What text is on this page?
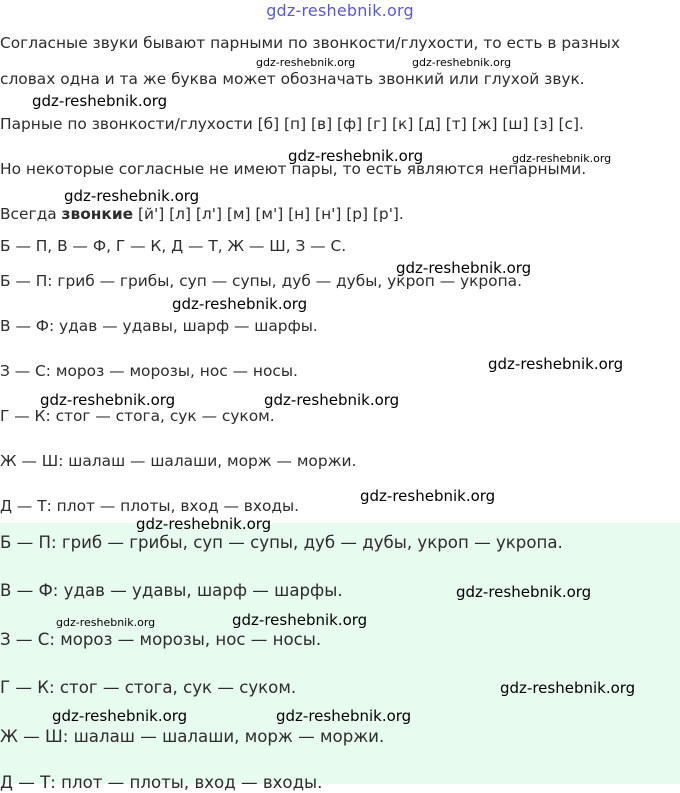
gdz-reshebnik.org

Согласные звуки бывают парными по звонкости/глухости, то есть в разных

словах одна и та же буква может обозначать звонкий или глухой звук.

Парные по звонкости/глухости [б] [п] [в] [ф] [г] [к] [д] [т] [ж] [ш] [з] [с].

Но некоторые согласные не имеют пары, то есть являются непарными.

Всегда звонкие [й'] [л] [л'] [м] [м'] [н] [н'] [р] [р'].

Б — П, В — Ф, Г — К, Д — Т, Ж — Ш, З — С.

Б — П: гриб — грибы, суп — супы, дуб — дубы, укроп — укропа.

В — Ф: удав — удавы, шарф — шарфы.

З — С: мороз — морозы, нос — носы.

Г — К: стог — стога, сук — суком.

Ж — Ш: шалаш — шалаши, морж — моржи.

Д — Т: плот — плоты, вход — входы.

Б — П: гриб — грибы, суп — супы, дуб — дубы, укроп — укропа.

В — Ф: удав — удавы, шарф — шарфы.

З — С: мороз — морозы, нос — носы.

Г — К: стог — стога, сук — суком.

Ж — Ш: шалаш — шалаши, морж — моржи.

Д — Т: плот — плоты, вход — входы.

gdz-reshebnik.org	gdz-reshebnik.org
gdz-reshebnik.org
gdz-reshebnik.org	gdz-reshebnik.org
gdz-reshebnik.org
gdz-reshebnik.org
gdz-reshebnik.org
gdz-reshebnik.org
gdz-reshebnik.org	gdz-reshebnik.org
gdz-reshebnik.org
gdz-reshebnik.org
gdz-reshebnik.org
gdz-reshebnik.org	gdz-reshebnik.org
gdz-reshebnik.org
gdz-reshebnik.org	gdz-reshebnik.org
